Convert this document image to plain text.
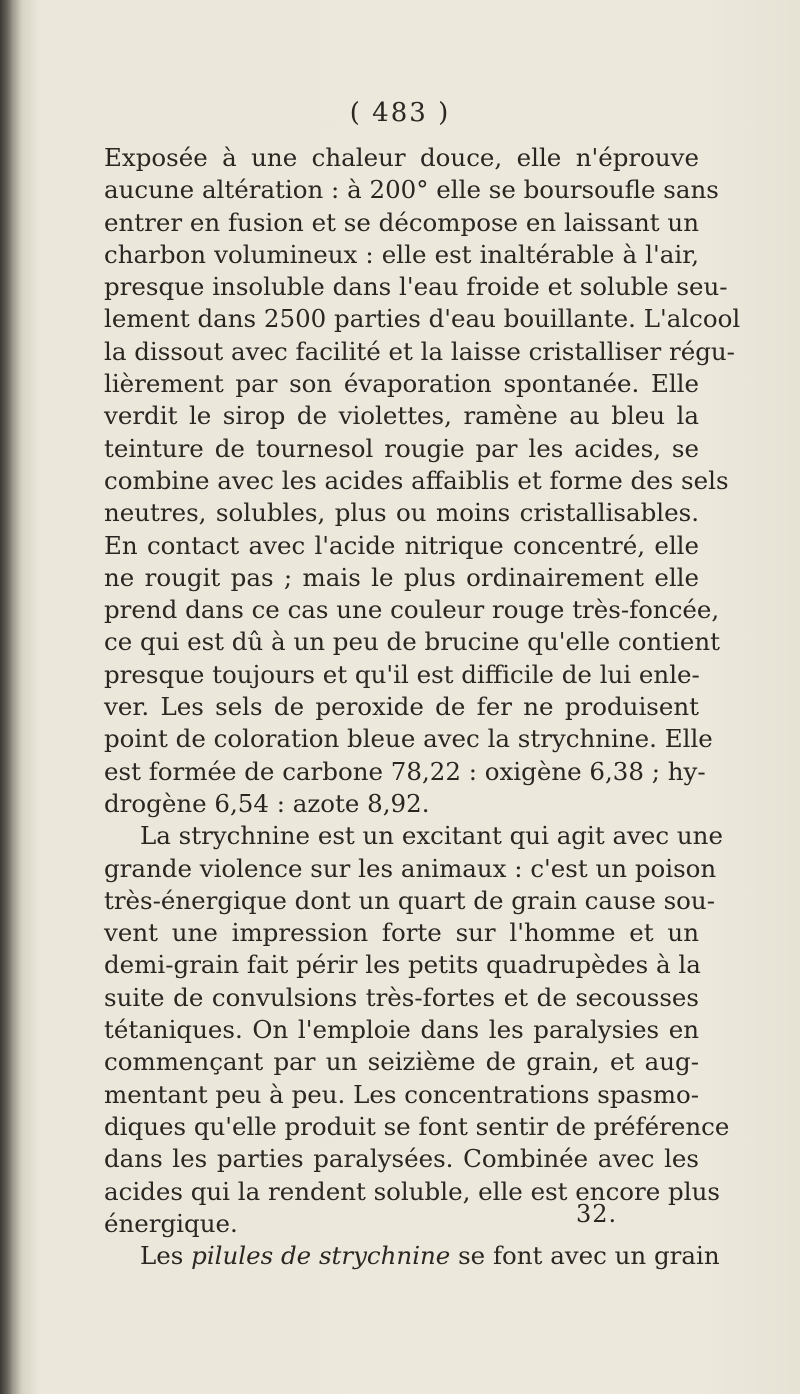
( 483 )
Exposée à une chaleur douce, elle n'éprouve
aucune altération : à 200° elle se boursoufle sans
entrer en fusion et se décompose en laissant un
charbon volumineux : elle est inaltérable à l'air,
presque insoluble dans l'eau froide et soluble seu-
lement dans 2500 parties d'eau bouillante. L'alcool
la dissout avec facilité et la laisse cristalliser régu-
lièrement par son évaporation spontanée. Elle
verdit le sirop de violettes, ramène au bleu la
teinture de tournesol rougie par les acides, se
combine avec les acides affaiblis et forme des sels
neutres, solubles, plus ou moins cristallisables.
En contact avec l'acide nitrique concentré, elle
ne rougit pas ; mais le plus ordinairement elle
prend dans ce cas une couleur rouge très-foncée,
ce qui est dû à un peu de brucine qu'elle contient
presque toujours et qu'il est difficile de lui enle-
ver. Les sels de peroxide de fer ne produisent
point de coloration bleue avec la strychnine. Elle
est formée de carbone 78,22 : oxigène 6,38 ; hy-
drogène 6,54 : azote 8,92.
La strychnine est un excitant qui agit avec une
grande violence sur les animaux : c'est un poison
très-énergique dont un quart de grain cause sou-
vent une impression forte sur l'homme et un
demi-grain fait périr les petits quadrupèdes à la
suite de convulsions très-fortes et de secousses
tétaniques. On l'emploie dans les paralysies en
commençant par un seizième de grain, et aug-
mentant peu à peu. Les concentrations spasmo-
diques qu'elle produit se font sentir de préférence
dans les parties paralysées. Combinée avec les
acides qui la rendent soluble, elle est encore plus
énergique.
Les pilules de strychnine se font avec un grain
32.
